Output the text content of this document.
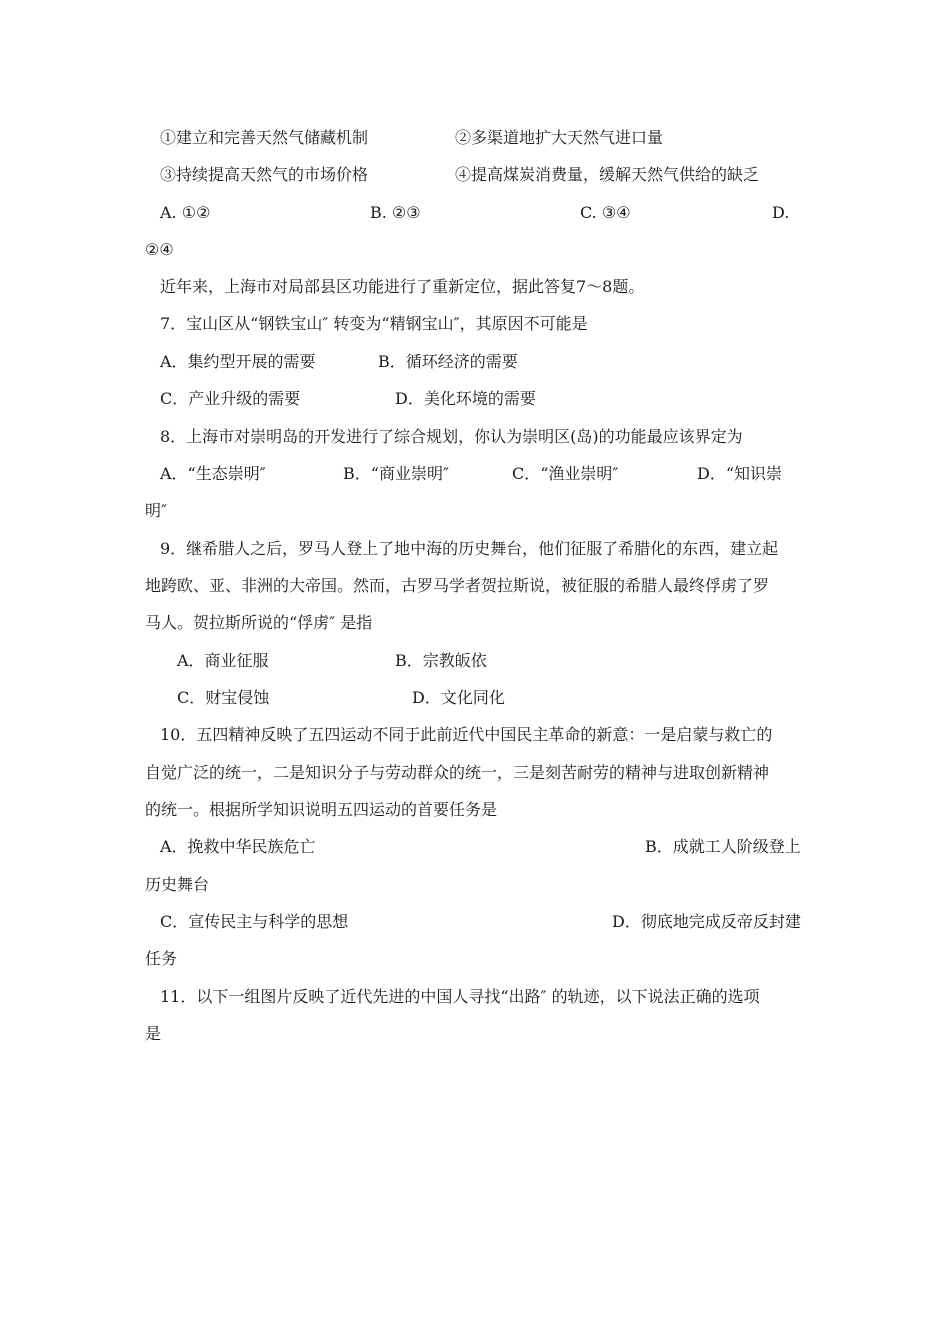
①建立和完善天然气储藏机制	②多渠道地扩大天然气进口量
③持续提高天然气的市场价格	④提高煤炭消费量，缓解天然气供给的缺乏
A. ①②	B. ②③	C. ③④	D.
②④
近年来，上海市对局部县区功能进行了重新定位，据此答复7～8题。
7．宝山区从“钢铁宝山″ 转变为“精钢宝山″，其原因不可能是
A．集约型开展的需要	B．循环经济的需要
C．产业升级的需要	D．美化环境的需要
8．上海市对崇明岛的开发进行了综合规划，你认为崇明区(岛)的功能最应该界定为
A．“生态崇明″	B．“商业崇明″	C．“渔业崇明″	D．“知识崇
明″
9．继希腊人之后，罗马人登上了地中海的历史舞台，他们征服了希腊化的东西，建立起
地跨欧、亚、非洲的大帝国。然而，古罗马学者贺拉斯说，被征服的希腊人最终俘虏了罗
马人。贺拉斯所说的“俘虏″ 是指
A．商业征服	B．宗教皈依
C．财宝侵蚀	D．文化同化
10．五四精神反映了五四运动不同于此前近代中国民主革命的新意：一是启蒙与救亡的
自觉广泛的统一，二是知识分子与劳动群众的统一，三是刻苦耐劳的精神与进取创新精神
的统一。根据所学知识说明五四运动的首要任务是
A．挽救中华民族危亡	B．成就工人阶级登上
历史舞台
C．宣传民主与科学的思想	D．彻底地完成反帝反封建
任务
11．以下一组图片反映了近代先进的中国人寻找“出路″ 的轨迹，以下说法正确的选项
是
